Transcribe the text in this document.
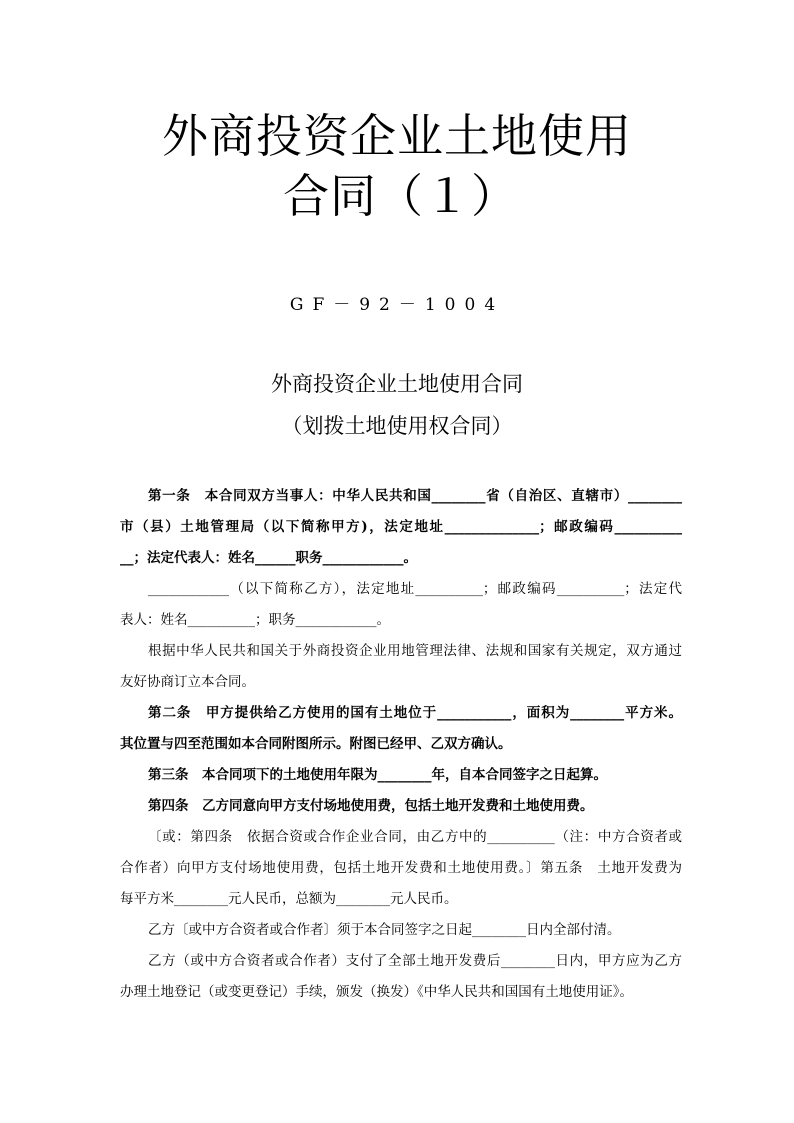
外商投资企业土地使用
合同（１）
GF－92－1004
外商投资企业土地使用合同
（划拨土地使用权合同）
第一条　本合同双方当事人：中华人民共和国________省（自治区、直辖市）________
市（县）土地管理局（以下简称甲方)，法定地址______________；邮政编码__________
__；法定代表人：姓名______职务____________。
____________（以下简称乙方），法定地址__________；邮政编码__________；法定代
表人：姓名__________；职务____________。
根据中华人民共和国关于外商投资企业用地管理法律、法规和国家有关规定，双方通过
友好协商订立本合同。
第二条　甲方提供给乙方使用的国有土地位于___________，面积为________平方米。
其位置与四至范围如本合同附图所示。附图已经甲、乙双方确认。
第三条　本合同项下的土地使用年限为________年，自本合同签字之日起算。
第四条　乙方同意向甲方支付场地使用费，包括土地开发费和土地使用费。
〔或：第四条　依据合资或合作企业合同，由乙方中的__________（注：中方合资者或
合作者）向甲方支付场地使用费，包括土地开发费和土地使用费。〕第五条　土地开发费为
每平方米________元人民币，总额为________元人民币。
乙方〔或中方合资者或合作者〕须于本合同签字之日起________日内全部付清。
乙方（或中方合资者或合作者）支付了全部土地开发费后________日内，甲方应为乙方
办理土地登记（或变更登记）手续，颁发（换发）《中华人民共和国国有土地使用证》。
